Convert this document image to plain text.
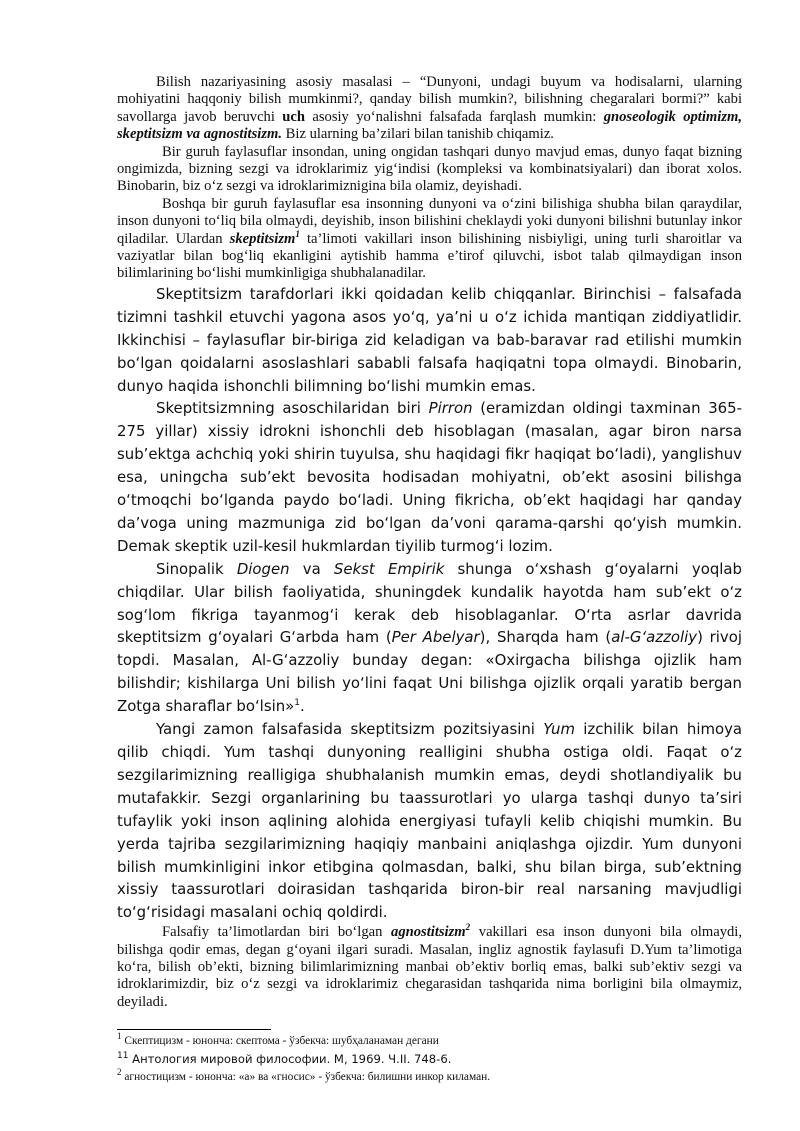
Bilish nazariyasining asosiy masalasi – “Dunyoni, undagi buyum va hodisalarni, ularning mohiyatini haqqoniy bilish mumkinmi?, qanday bilish mumkin?, bilishning chegaralari bormi?” kabi savollarga javob beruvchi uch asosiy yo‘nalishni falsafada farqlash mumkin: gnoseologik optimizm, skeptitsizm va agnostitsizm. Biz ularning ba’zilari bilan tanishib chiqamiz.

Bir guruh faylasuflar insondan, uning ongidan tashqari dunyo mavjud emas, dunyo faqat bizning ongimizda, bizning sezgi va idroklarimiz yig‘indisi (kompleksi va kombinatsiyalari) dan iborat xolos. Binobarin, biz o‘z sezgi va idroklarimiznigina bila olamiz, deyishadi.

Boshqa bir guruh faylasuflar esa insonning dunyoni va o‘zini bilishiga shubha bilan qaraydilar, inson dunyoni to‘liq bila olmaydi, deyishib, inson bilishini cheklaydi yoki dunyoni bilishni butunlay inkor qiladilar. Ulardan skeptitsizm$^1$ ta’limoti vakillari inson bilishining nisbiyligi, uning turli sharoitlar va vaziyatlar bilan bog‘liq ekanligini aytishib hamma e’tirof qiluvchi, isbot talab qilmaydigan inson bilimlarining bo‘lishi mumkinligiga shubhalanadilar.

Skeptitsizm tarafdorlari ikki qoidadan kelib chiqqanlar. Birinchisi – falsafada tizimni tashkil etuvchi yagona asos yo‘q, ya’ni u o‘z ichida mantiqan ziddiyatlidir. Ikkinchisi – faylasuflar bir-biriga zid keladigan va bab-baravar rad etilishi mumkin bo‘lgan qoidalarni asoslashlari sababli falsafa haqiqatni topa olmaydi. Binobarin, dunyo haqida ishonchli bilimning bo‘lishi mumkin emas.

Skeptitsizmning asoschilaridan biri Pirron (eramizdan oldingi taxminan 365-275 yillar) xissiy idrokni ishonchli deb hisoblagan (masalan, agar biron narsa sub’ektga achchiq yoki shirin tuyulsa, shu haqidagi fikr haqiqat bo‘ladi), yanglishuv esa, uningcha sub’ekt bevosita hodisadan mohiyatni, ob’ekt asosini bilishga o‘tmoqchi bo‘lganda paydo bo‘ladi. Uning fikricha, ob’ekt haqidagi har qanday da’voga uning mazmuniga zid bo‘lgan da’voni qarama-qarshi qo‘yish mumkin. Demak skeptik uzil-kesil hukmlardan tiyilib turmog‘i lozim.

Sinopalik Diogen va Sekst Empirik shunga o‘xshash g‘oyalarni yoqlab chiqdilar. Ular bilish faoliyatida, shuningdek kundalik hayotda ham sub’ekt o‘z sog‘lom fikriga tayanmog‘i kerak deb hisoblaganlar. O‘rta asrlar davrida skeptitsizm g‘oyalari G‘arbda ham (Per Abelyar), Sharqda ham (al-G‘azzoliy) rivoj topdi. Masalan, Al-G‘azzoliy bunday degan: «Oxirgacha bilishga ojizlik ham bilishdir; kishilarga Uni bilish yo‘lini faqat Uni bilishga ojizlik orqali yaratib bergan Zotga sharaflar bo‘lsin»$^1$.

Yangi zamon falsafasida skeptitsizm pozitsiyasini Yum izchilik bilan himoya qilib chiqdi. Yum tashqi dunyoning realligini shubha ostiga oldi. Faqat o‘z sezgilarimizning realligiga shubhalanish mumkin emas, deydi shotlandiyalik bu mutafakkir. Sezgi organlarining bu taassurotlari yo ularga tashqi dunyo ta’siri tufaylik yoki inson aqlining alohida energiyasi tufayli kelib chiqishi mumkin. Bu yerda tajriba sezgilarimizning haqiqiy manbaini aniqlashga ojizdir. Yum dunyoni bilish mumkinligini inkor etibgina qolmasdan, balki, shu bilan birga, sub’ektning xissiy taassurotlari doirasidan tashqarida biron-bir real narsaning mavjudligi to‘g‘risidagi masalani ochiq qoldirdi.

Falsafiy ta’limotlardan biri bo‘lgan agnostitsizm$^2$ vakillari esa inson dunyoni bila olmaydi, bilishga qodir emas, degan g‘oyani ilgari suradi. Masalan, ingliz agnostik faylasufi D.Yum ta’limotiga ko‘ra, bilish ob’ekti, bizning bilimlarimizning manbai ob’ektiv borliq emas, balki sub’ektiv sezgi va idroklarimizdir, biz o‘z sezgi va idroklarimiz chegarasidan tashqarida nima borligini bila olmaymiz, deyiladi.

$^1$ Скептицизм - юнонча: скептома - ўзбекча: шубҳаланаман дегани

$^{11}$ Антология мировой философии. М, 1969. Ч.II. 748-6.

$^2$ агностицизм - юнонча: «а» ва «гносис» - ўзбекча: билишни инкор киламан.
